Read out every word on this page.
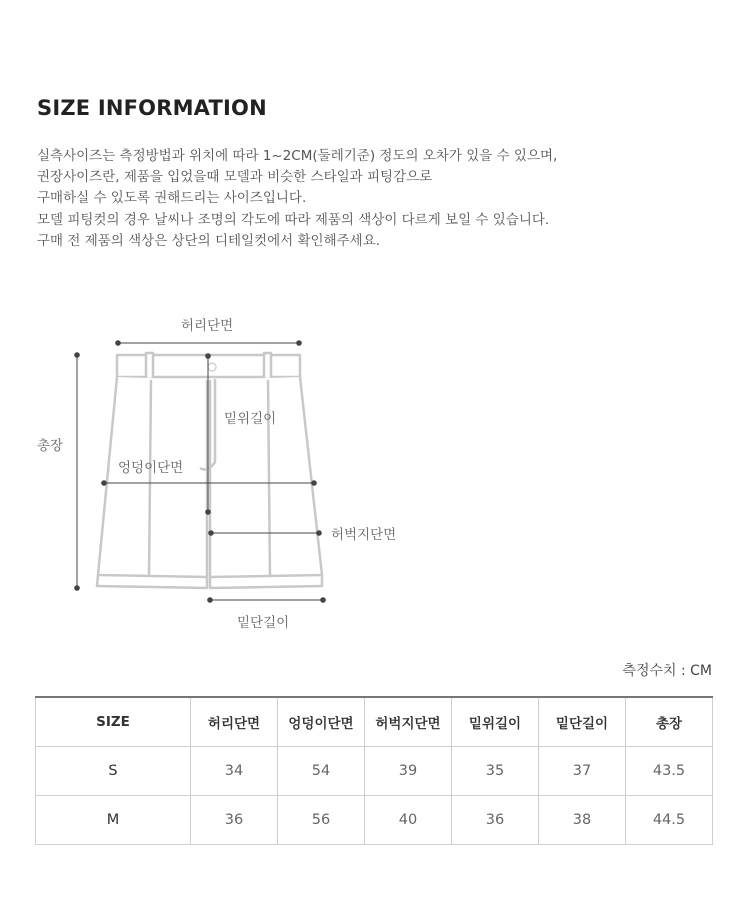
SIZE INFORMATION

실측사이즈는 측정방법과 위치에 따라 1~2CM(둘레기준) 정도의 오차가 있을 수 있으며,

권장사이즈란, 제품을 입었을때 모델과 비슷한 스타일과 피팅감으로

구매하실 수 있도록 권해드리는 사이즈입니다.

모델 피팅컷의 경우 날씨나 조명의 각도에 따라 제품의 색상이 다르게 보일 수 있습니다.

구매 전 제품의 색상은 상단의 디테일컷에서 확인해주세요.

허리단면
총장
밑위길이
엉덩이단면
허벅지단면
밑단길이
측정수치 : CM
SIZE	허리단면	엉덩이단면	허벅지단면	밑위길이	밑단길이	총장
S	34	54	39	35	37	43.5
M	36	56	40	36	38	44.5
